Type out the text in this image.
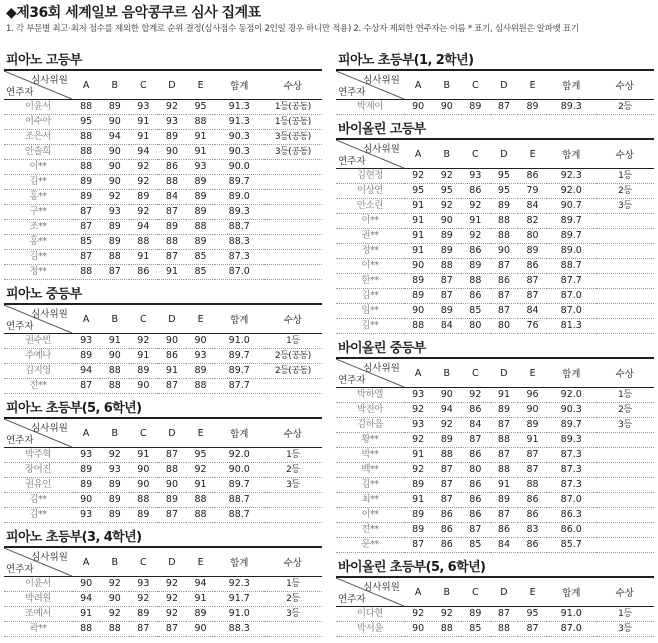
◆제36회 세계일보 음악콩쿠르 심사 집계표
1. 각 부문별 최고·최저 점수를 제외한 합계로 순위 결정(심사점수 동점이 2인일 경우 하니만 적용) 2. 수상자 제외한 연주자는 이름 * 표기, 심사위원은 알파벳 표기
피아노 고등부
심사위원
연주자	A	B	C	D	E	합계	수상
이윤서	88	89	93	92	95	91.3	1등(공동)
이수아	95	90	91	93	88	91.3	1등(공동)
조은서	88	94	91	89	91	90.3	3등(공동)
안솔희	88	90	94	90	91	90.3	3등(공동)
이**	88	90	92	86	93	90.0	
김**	89	90	92	88	89	89.7	
홍**	89	92	89	84	89	89.0	
구**	87	93	92	87	89	89.3	
조**	87	89	94	89	88	88.7	
홍**	85	89	88	88	89	88.3	
김**	87	88	91	87	85	87.3	
정**	88	87	86	91	85	87.0	
피아노 중등부
심사위원
연주자	A	B	C	D	E	합계	수상
권수빈	93	91	92	90	90	91.0	1등
주예나	89	90	91	86	93	89.7	2등(공동)
김지영	94	88	89	91	89	89.7	2등(공동)
전**	87	88	90	87	88	87.7	
피아노 초등부(5, 6학년)
심사위원
연주자	A	B	C	D	E	합계	수상
박주혁	93	92	91	87	95	92.0	1등
장어진	89	93	90	88	92	90.0	2등
권유인	89	89	90	90	91	89.7	3등
김**	90	89	88	89	88	88.7	
김**	93	89	89	87	88	88.7	
피아노 초등부(3, 4학년)
심사위원
연주자	A	B	C	D	E	합계	수상
이윤서	90	92	93	92	94	92.3	1등
박려원	94	90	92	92	91	91.7	2등
조예서	91	92	89	92	89	91.0	3등
곽**	88	88	87	87	90	88.3	
피아노 초등부(1, 2학년)
심사위원
연주자	A	B	C	D	E	합계	수상
박제이	90	90	89	87	89	89.3	2등
바이올린 고등부
심사위원
연주자	A	B	C	D	E	합계	수상
김현정	92	92	93	95	86	92.3	1등
이상연	95	95	86	95	79	92.0	2등
안소린	91	92	92	89	84	90.7	3등
이**	91	90	91	88	82	89.7	
권**	91	89	92	88	80	89.7	
정**	91	89	86	90	89	89.0	
이**	90	88	89	87	86	88.7	
한**	89	87	88	86	87	87.7	
김**	89	87	86	87	87	87.0	
임**	90	89	85	87	84	87.0	
김**	88	84	80	80	76	81.3	
바이올린 중등부
심사위원
연주자	A	B	C	D	E	합계	수상
박하엘	93	90	92	91	96	92.0	1등
박진아	92	94	86	89	90	90.3	2등
김하음	93	92	84	87	89	89.7	3등
황**	92	89	87	88	91	89.3	
박**	91	88	86	87	87	87.3	
백**	92	87	80	88	87	87.3	
김**	89	87	86	91	88	87.3	
최**	91	87	86	89	86	87.0	
이**	89	86	86	87	86	86.3	
전**	89	86	87	86	83	86.0	
문**	87	86	85	84	86	85.7	
바이올린 초등부(5, 6학년)
심사위원
연주자	A	B	C	D	E	합계	수상
이다현	92	92	89	87	95	91.0	1등
박서윤	90	88	85	88	87	87.0	3등
